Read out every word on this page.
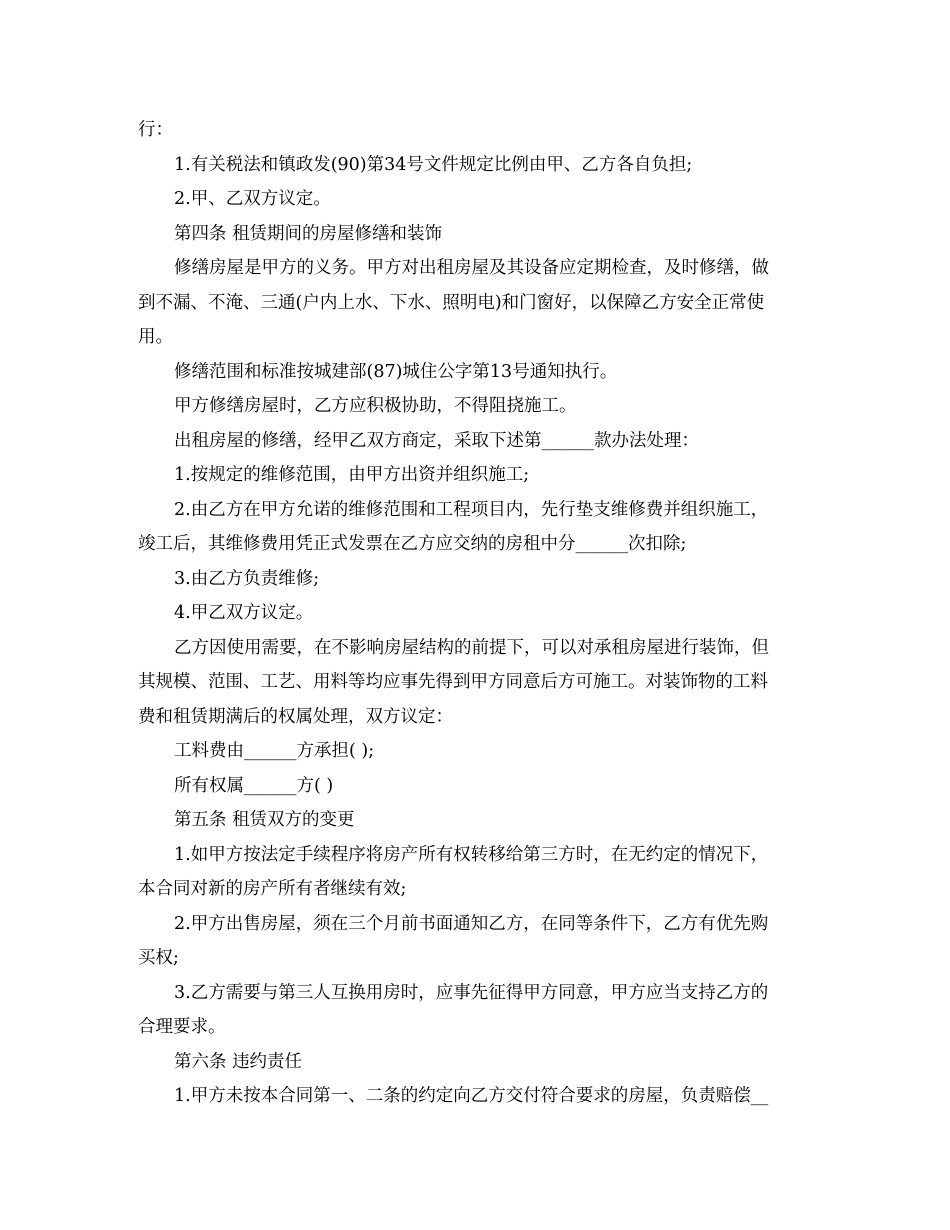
行：
1.有关税法和镇政发(90)第34号文件规定比例由甲、乙方各自负担;
2.甲、乙双方议定。
第四条 租赁期间的房屋修缮和装饰
修缮房屋是甲方的义务。甲方对出租房屋及其设备应定期检查，及时修缮，做
到不漏、不淹、三通(户内上水、下水、照明电)和门窗好，以保障乙方安全正常使
用。
修缮范围和标准按城建部(87)城住公字第13号通知执行。
甲方修缮房屋时，乙方应积极协助，不得阻挠施工。
出租房屋的修缮，经甲乙双方商定，采取下述第______款办法处理：
1.按规定的维修范围，由甲方出资并组织施工;
2.由乙方在甲方允诺的维修范围和工程项目内，先行垫支维修费并组织施工，
竣工后，其维修费用凭正式发票在乙方应交纳的房租中分______次扣除;
3.由乙方负责维修;
4.甲乙双方议定。
乙方因使用需要，在不影响房屋结构的前提下，可以对承租房屋进行装饰，但
其规模、范围、工艺、用料等均应事先得到甲方同意后方可施工。对装饰物的工料
费和租赁期满后的权属处理，双方议定：
工料费由______方承担( );
所有权属______方( )
第五条 租赁双方的变更
1.如甲方按法定手续程序将房产所有权转移给第三方时，在无约定的情况下，
本合同对新的房产所有者继续有效;
2.甲方出售房屋，须在三个月前书面通知乙方，在同等条件下，乙方有优先购
买权;
3.乙方需要与第三人互换用房时，应事先征得甲方同意，甲方应当支持乙方的
合理要求。
第六条 违约责任
1.甲方未按本合同第一、二条的约定向乙方交付符合要求的房屋，负责赔偿__
